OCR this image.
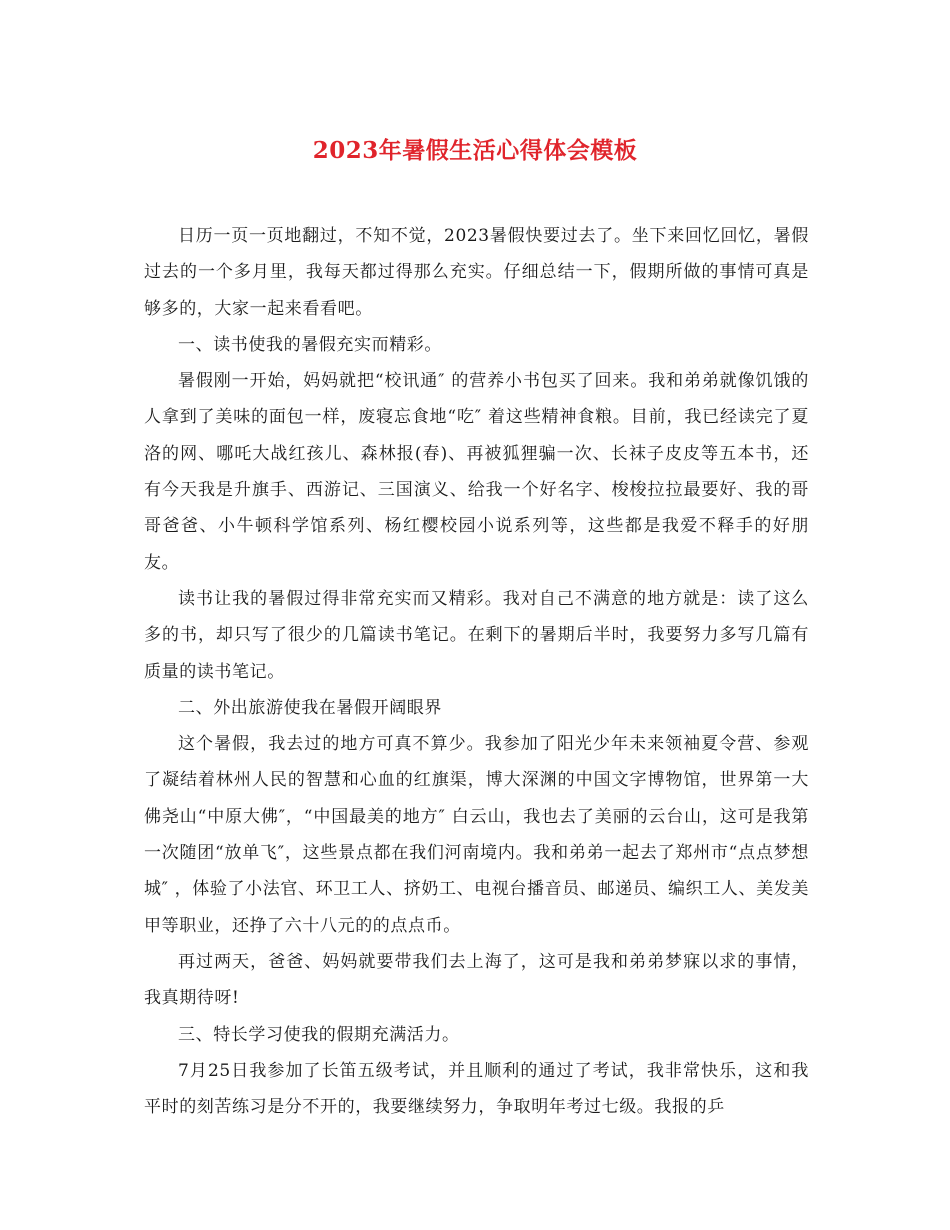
2023年暑假生活心得体会模板

日历一页一页地翻过，不知不觉，2023暑假快要过去了。坐下来回忆回忆，暑假过去的一个多月里，我每天都过得那么充实。仔细总结一下，假期所做的事情可真是够多的，大家一起来看看吧。

一、读书使我的暑假充实而精彩。

暑假刚一开始，妈妈就把“校讯通″ 的营养小书包买了回来。我和弟弟就像饥饿的人拿到了美味的面包一样，废寝忘食地“吃″ 着这些精神食粮。目前，我已经读完了夏洛的网、哪吒大战红孩儿、森林报(春)、再被狐狸骗一次、长袜子皮皮等五本书，还有今天我是升旗手、西游记、三国演义、给我一个好名字、梭梭拉拉最要好、我的哥哥爸爸、小牛顿科学馆系列、杨红樱校园小说系列等，这些都是我爱不释手的好朋友。

读书让我的暑假过得非常充实而又精彩。我对自己不满意的地方就是：读了这么多的书，却只写了很少的几篇读书笔记。在剩下的暑期后半时，我要努力多写几篇有质量的读书笔记。

二、外出旅游使我在暑假开阔眼界

这个暑假，我去过的地方可真不算少。我参加了阳光少年未来领袖夏令营、参观了凝结着林州人民的智慧和心血的红旗渠，博大深渊的中国文字博物馆，世界第一大佛尧山“中原大佛″，“中国最美的地方″ 白云山，我也去了美丽的云台山，这可是我第一次随团“放单飞″，这些景点都在我们河南境内。我和弟弟一起去了郑州市“点点梦想城″ ，体验了小法官、环卫工人、挤奶工、电视台播音员、邮递员、编织工人、美发美甲等职业，还挣了六十八元的的点点币。

再过两天，爸爸、妈妈就要带我们去上海了，这可是我和弟弟梦寐以求的事情，我真期待呀!

三、特长学习使我的假期充满活力。

7月25日我参加了长笛五级考试，并且顺利的通过了考试，我非常快乐，这和我平时的刻苦练习是分不开的，我要继续努力，争取明年考过七级。我报的乒
